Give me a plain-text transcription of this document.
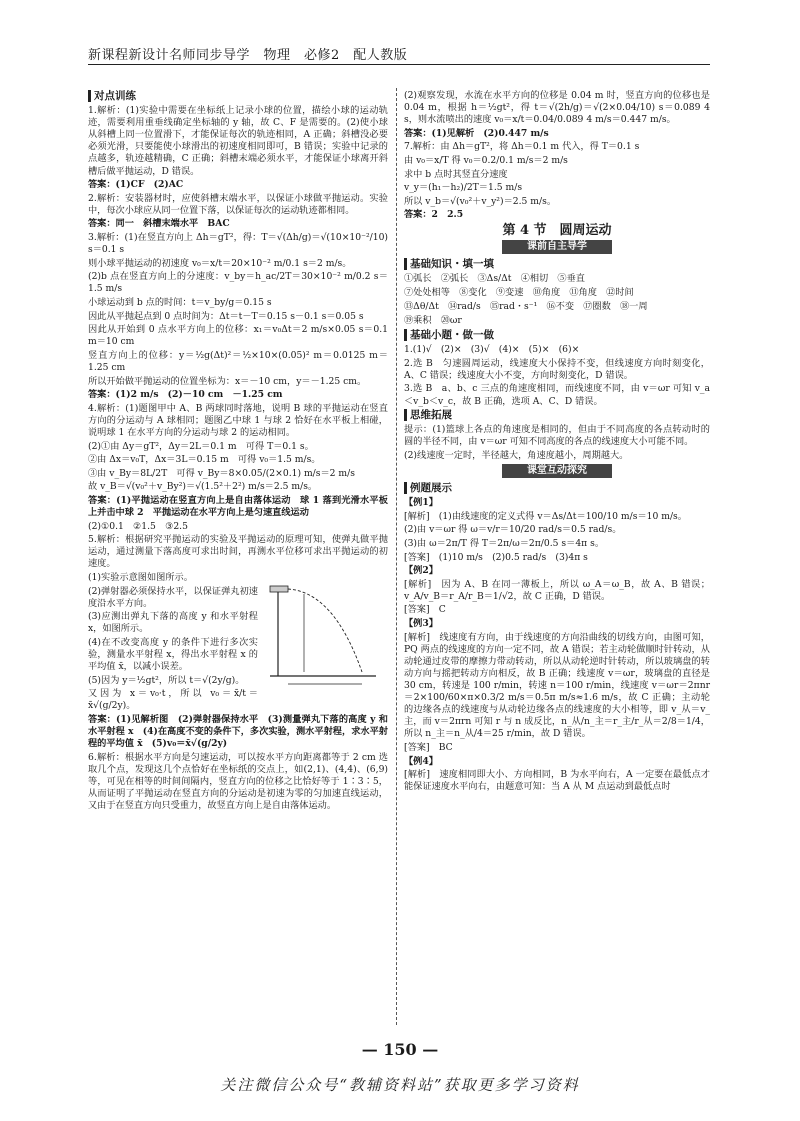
新课程新设计名师同步导学　物理　必修2　配人教版
对点训练

1.解析：(1)实验中需要在坐标纸上记录小球的位置，描绘小球的运动轨迹，需要利用重垂线确定坐标轴的 y 轴，故 C、F 是需要的。(2)使小球从斜槽上同一位置滑下，才能保证每次的轨迹相同，A 正确；斜槽没必要必须光滑，只要能使小球滑出的初速度相同即可，B 错误；实验中记录的点越多，轨迹越精确，C 正确；斜槽末端必须水平，才能保证小球离开斜槽后做平抛运动，D 错误。

答案：(1)CF　(2)AC

2.解析：安装器材时，应使斜槽末端水平，以保证小球做平抛运动。实验中，每次小球应从同一位置下落，以保证每次的运动轨迹都相同。

答案：同一　斜槽末端水平　BAC

3.解析：(1)在竖直方向上 Δh＝gT²，得：T＝√(Δh/g)＝√(10×10⁻²/10) s＝0.1 s

则小球平抛运动的初速度 v₀＝x/t＝20×10⁻² m/0.1 s＝2 m/s。

(2)b 点在竖直方向上的分速度：v_by＝h_ac/2T＝30×10⁻² m/0.2 s＝1.5 m/s

小球运动到 b 点的时间：t＝v_by/g＝0.15 s

因此从平抛起点到 0 点时间为：Δt＝t－T＝0.15 s－0.1 s＝0.05 s

因此从开始到 0 点水平方向上的位移：x₁＝v₀Δt＝2 m/s×0.05 s＝0.1 m＝10 cm

竖直方向上的位移：y＝½g(Δt)²＝½×10×(0.05)² m＝0.0125 m＝1.25 cm

所以开始做平抛运动的位置坐标为：x＝－10 cm，y＝－1.25 cm。

答案：(1)2 m/s　(2)－10 cm　－1.25 cm

4.解析：(1)题图甲中 A、B 两球同时落地，说明 B 球的平抛运动在竖直方向的分运动与 A 球相同；题图乙中球 1 与球 2 恰好在水平板上相碰，说明球 1 在水平方向的分运动与球 2 的运动相同。

(2)①由 Δy＝gT²，Δy＝2L＝0.1 m　可得 T＝0.1 s。

②由 Δx＝v₀T，Δx＝3L＝0.15 m　可得 v₀＝1.5 m/s。

③由 v_By＝8L/2T　可得 v_By＝8×0.05/(2×0.1) m/s＝2 m/s

故 v_B＝√(v₀²＋v_By²)＝√(1.5²＋2²) m/s＝2.5 m/s。

答案：(1)平抛运动在竖直方向上是自由落体运动　球 1 落到光滑水平板上并击中球 2　平抛运动在水平方向上是匀速直线运动

(2)①0.1　②1.5　③2.5

5.解析：根据研究平抛运动的实验及平抛运动的原理可知，使弹丸做平抛运动，通过测量下落高度可求出时间，再测水平位移可求出平抛运动的初速度。

(1)实验示意图如图所示。

(2)弹射器必须保持水平，以保证弹丸初速度沿水平方向。

(3)应测出弹丸下落的高度 y 和水平射程 x，如图所示。

(4)在不改变高度 y 的条件下进行多次实验，测量水平射程 x，得出水平射程 x 的平均值 x̄，以减小误差。

(5)因为 y＝½gt²，所以 t＝√(2y/g)。

又因为 x＝v₀·t，所以 v₀＝x̄/t＝x̄√(g/2y)。

答案：(1)见解析图　(2)弹射器保持水平　(3)测量弹丸下落的高度 y 和水平射程 x　(4)在高度不变的条件下，多次实验，测水平射程，求水平射程的平均值 x̄　(5)v₀＝x̄√(g/2y)

6.解析：根据水平方向是匀速运动，可以按水平方向距离都等于 2 cm 选取几个点，发现这几个点恰好在坐标纸的交点上，如(2,1)、(4,4)、(6,9)等，可见在相等的时间间隔内，竖直方向的位移之比恰好等于 1∶3∶5，从而证明了平抛运动在竖直方向的分运动是初速为零的匀加速直线运动，又由于在竖直方向只受重力，故竖直方向上是自由落体运动。

(2)观察发现，水流在水平方向的位移是 0.04 m 时，竖直方向的位移也是 0.04 m，根据 h＝½gt²，得 t＝√(2h/g)＝√(2×0.04/10) s＝0.089 4 s，则水流喷出的速度 v₀＝x/t＝0.04/0.089 4 m/s＝0.447 m/s。

答案：(1)见解析　(2)0.447 m/s

7.解析：由 Δh＝gT²，将 Δh＝0.1 m 代入，得 T＝0.1 s

由 v₀＝x/T 得 v₀＝0.2/0.1 m/s＝2 m/s

求中 b 点时其竖直分速度

v_y＝(h₁－h₂)/2T＝1.5 m/s

所以 v_b＝√(v₀²＋v_y²)＝2.5 m/s。

答案：2　2.5

第 4 节　圆周运动
课前自主导学
基础知识・填一填

①弧长　②弧长　③Δs/Δt　④相切　⑤垂直

⑦处处相等　⑧变化　⑨变速　⑩角度　⑪角度　⑫时间

⑬Δθ/Δt　⑭rad/s　⑮rad・s⁻¹　⑯不变　⑰圈数　⑱一周

⑲乘积　⑳ωr

基础小题・做一做

1.(1)√　(2)×　(3)√　(4)×　(5)×　(6)×

2.选 B　匀速圆周运动，线速度大小保持不变，但线速度方向时刻变化，A、C 错误；线速度大小不变，方向时刻变化，D 错误。

3.选 B　a、b、c 三点的角速度相同，而线速度不同，由 v＝ωr 可知 v_a＜v_b＜v_c，故 B 正确，选项 A、C、D 错误。

思维拓展

提示：(1)篮球上各点的角速度是相同的，但由于不同高度的各点转动时的圆的半径不同，由 v＝ωr 可知不同高度的各点的线速度大小可能不同。

(2)线速度一定时，半径越大，角速度越小，周期越大。

课堂互动探究
例题展示

【例1】

[解析]　(1)由线速度的定义式得 v＝Δs/Δt＝100/10 m/s＝10 m/s。

(2)由 v＝ωr 得 ω＝v/r＝10/20 rad/s＝0.5 rad/s。

(3)由 ω＝2π/T 得 T＝2π/ω＝2π/0.5 s＝4π s。

[答案]　(1)10 m/s　(2)0.5 rad/s　(3)4π s

【例2】

[解析]　因为 A、B 在同一薄板上，所以 ω_A＝ω_B，故 A、B 错误；v_A/v_B＝r_A/r_B＝1/√2，故 C 正确，D 错误。

[答案]　C

【例3】

[解析]　线速度有方向，由于线速度的方向沿曲线的切线方向，由图可知，PQ 两点的线速度的方向一定不同，故 A 错误；若主动轮做顺时针转动，从动轮通过皮带的摩擦力带动转动，所以从动轮逆时针转动，所以玻璃盘的转动方向与摇把转动方向相反，故 B 正确；线速度 v＝ωr，玻璃盘的直径是 30 cm，转速是 100 r/min，转速 n＝100 r/min，线速度 v＝ωr＝2πnr＝2×100/60×π×0.3/2 m/s＝0.5π m/s≈1.6 m/s，故 C 正确；主动轮的边缘各点的线速度与从动轮边缘各点的线速度的大小相等，即 v_从＝v_主，而 v＝2πrn 可知 r 与 n 成反比，n_从/n_主＝r_主/r_从＝2/8＝1/4，所以 n_主＝n_从/4＝25 r/min，故 D 错误。

[答案]　BC

【例4】

[解析]　速度相同即大小、方向相同，B 为水平向右，A 一定要在最低点才能保证速度水平向右，由题意可知：当 A 从 M 点运动到最低点时

— 150 —
关注微信公众号“教辅资料站”获取更多学习资料
